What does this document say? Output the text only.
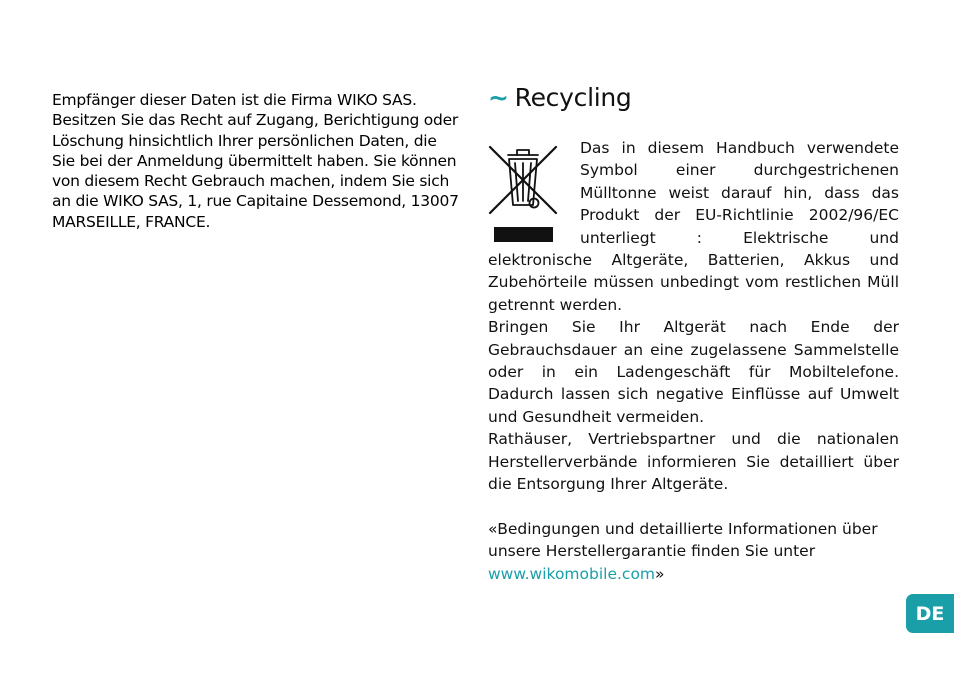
Empfänger dieser Daten ist die Firma WIKO SAS. Besitzen Sie das Recht auf Zugang, Berichtigung oder Löschung hinsichtlich Ihrer persönlichen Daten, die Sie bei der Anmeldung übermittelt haben. Sie können von diesem Recht Gebrauch machen, indem Sie sich an die WIKO SAS, 1, rue Capitaine Dessemond, 13007 MARSEILLE, FRANCE.

~ Recycling

Das in diesem Handbuch verwendete Symbol einer durchgestrichenen Mülltonne weist darauf hin, dass das Produkt der EU-Richtlinie 2002/96/EC unterliegt : Elektrische und elektronische Altgeräte, Batterien, Akkus und Zubehörteile müssen unbedingt vom restlichen Müll getrennt werden.

Bringen Sie Ihr Altgerät nach Ende der Gebrauchsdauer an eine zugelassene Sammelstelle oder in ein Ladengeschäft für Mobiltelefone. Dadurch lassen sich negative Einflüsse auf Umwelt und Gesundheit vermeiden.

Rathäuser, Vertriebspartner und die nationalen Herstellerverbände informieren Sie detailliert über die Entsorgung Ihrer Altgeräte.

«Bedingungen und detaillierte Informationen über unsere Herstellergarantie finden Sie unter www.wikomobile.com»

DE
